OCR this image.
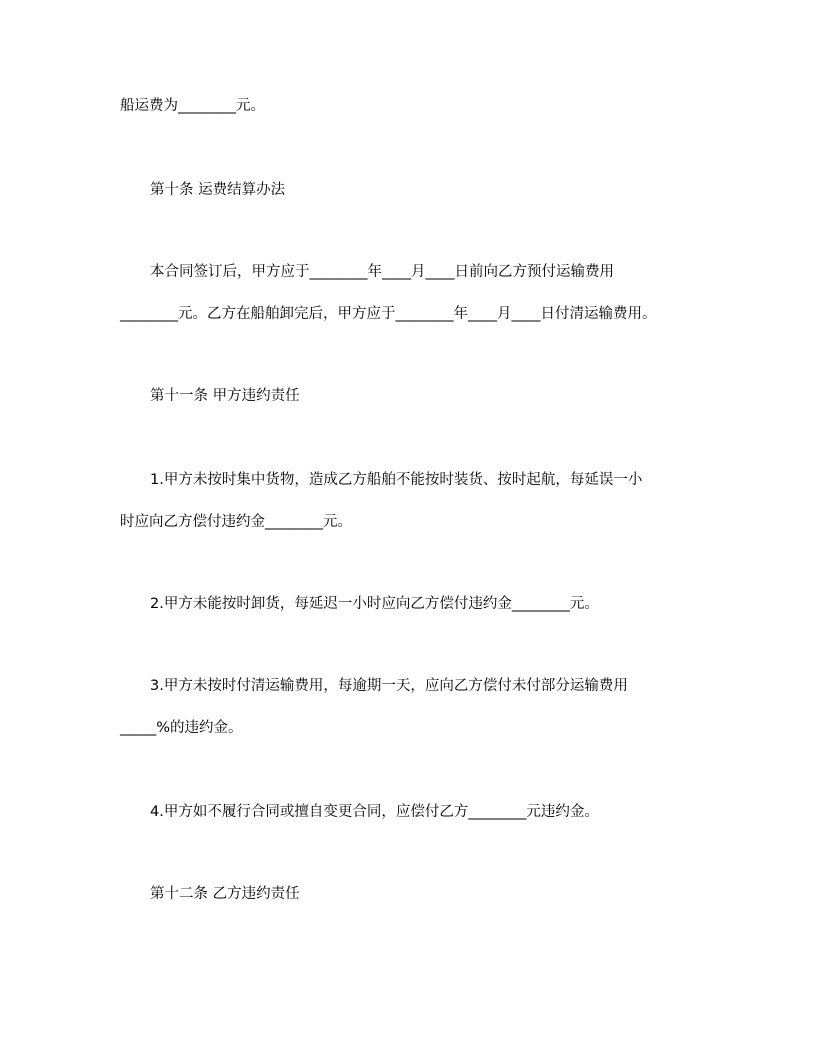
船运费为________元。
第十条 运费结算办法
本合同签订后，甲方应于________年____月____日前向乙方预付运输费用
________元。乙方在船舶卸完后，甲方应于________年____月____日付清运输费用。
第十一条 甲方违约责任
1.甲方未按时集中货物，造成乙方船舶不能按时装货、按时起航，每延误一小
时应向乙方偿付违约金________元。
2.甲方未能按时卸货，每延迟一小时应向乙方偿付违约金________元。
3.甲方未按时付清运输费用，每逾期一天，应向乙方偿付未付部分运输费用
_____%的违约金。
4.甲方如不履行合同或擅自变更合同，应偿付乙方________元违约金。
第十二条 乙方违约责任
